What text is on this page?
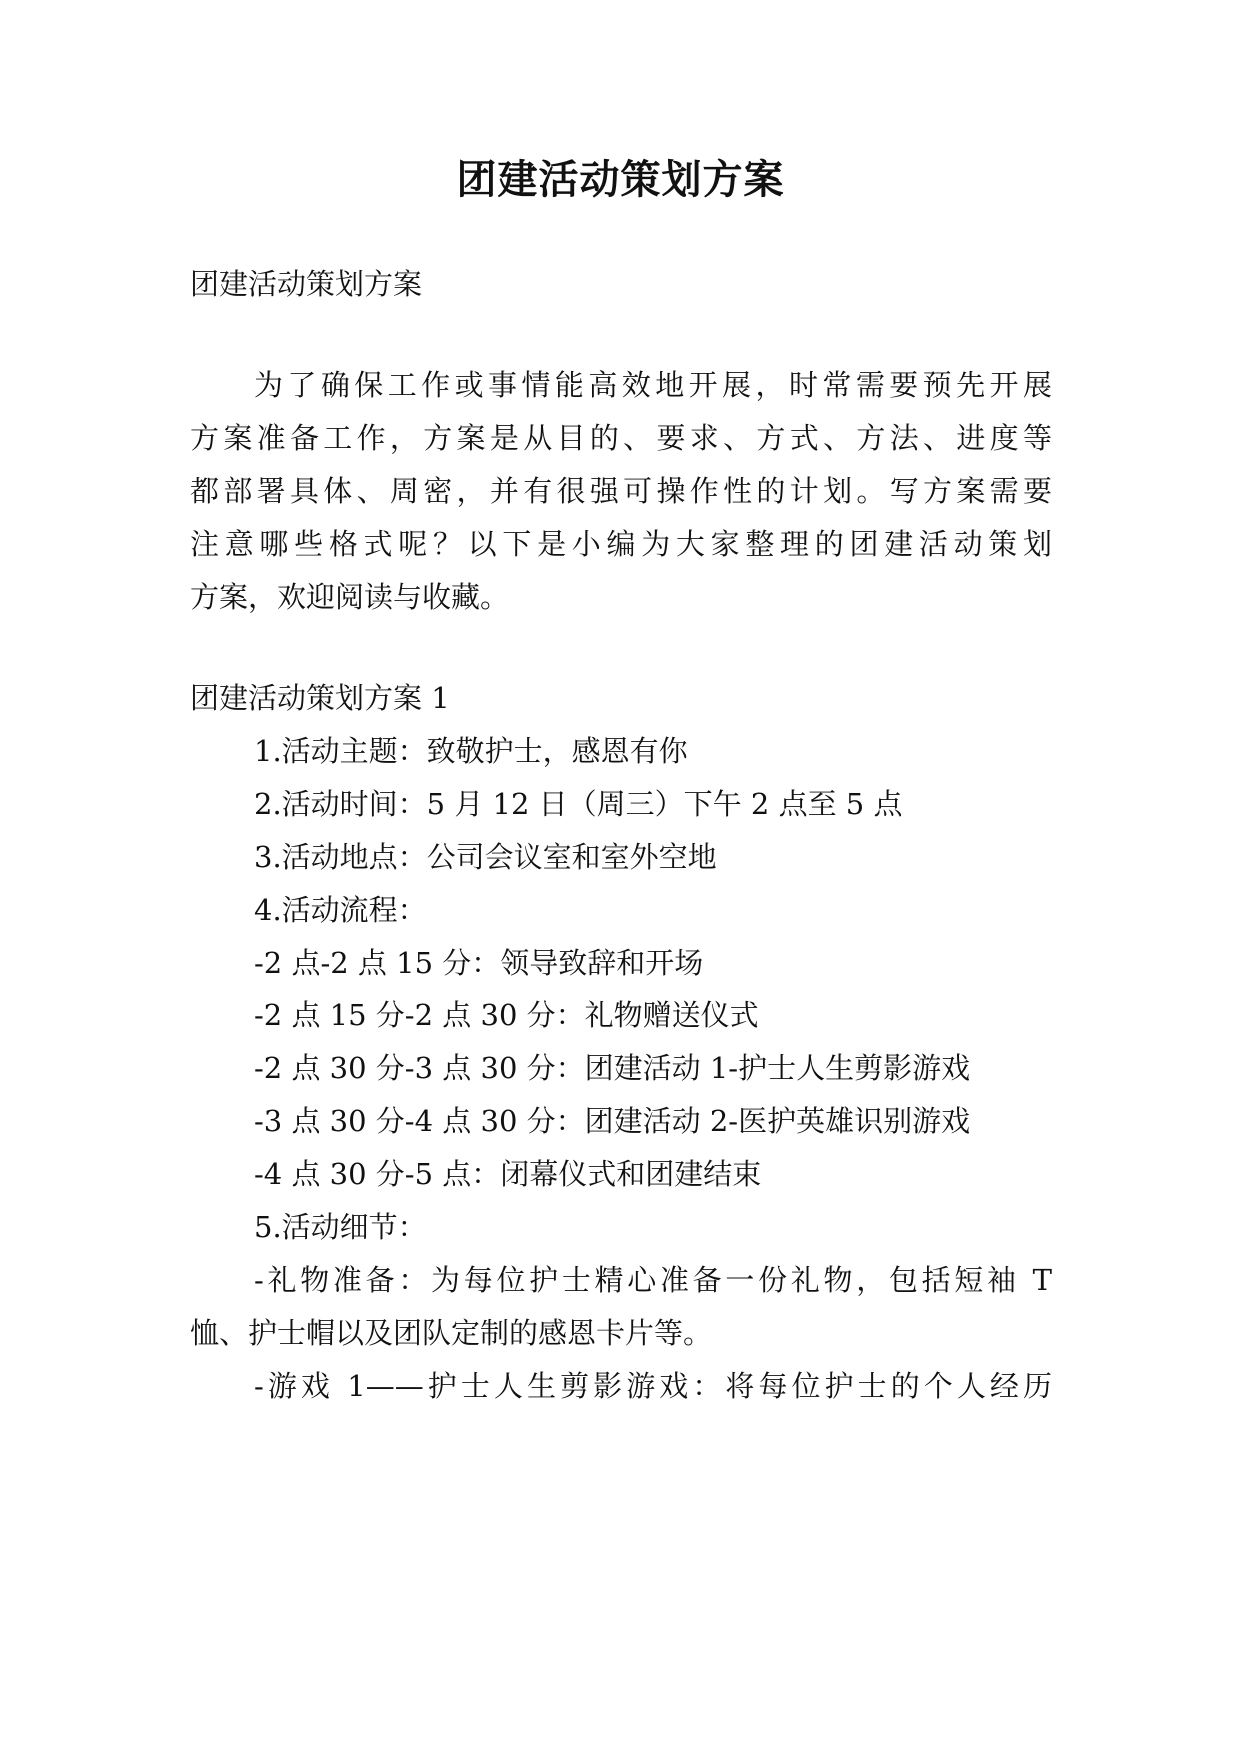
团建活动策划方案
团建活动策划方案
为了确保工作或事情能高效地开展，时常需要预先开展
方案准备工作，方案是从目的、要求、方式、方法、进度等
都部署具体、周密，并有很强可操作性的计划。写方案需要
注意哪些格式呢？以下是小编为大家整理的团建活动策划
方案，欢迎阅读与收藏。
团建活动策划方案 1
1.活动主题：致敬护士，感恩有你
2.活动时间：5 月 12 日（周三）下午 2 点至 5 点
3.活动地点：公司会议室和室外空地
4.活动流程：
-2 点-2 点 15 分：领导致辞和开场
-2 点 15 分-2 点 30 分：礼物赠送仪式
-2 点 30 分-3 点 30 分：团建活动 1-护士人生剪影游戏
-3 点 30 分-4 点 30 分：团建活动 2-医护英雄识别游戏
-4 点 30 分-5 点：闭幕仪式和团建结束
5.活动细节：
-礼物准备：为每位护士精心准备一份礼物，包括短袖 T
恤、护士帽以及团队定制的感恩卡片等。
-游戏 1——护士人生剪影游戏：将每位护士的个人经历
